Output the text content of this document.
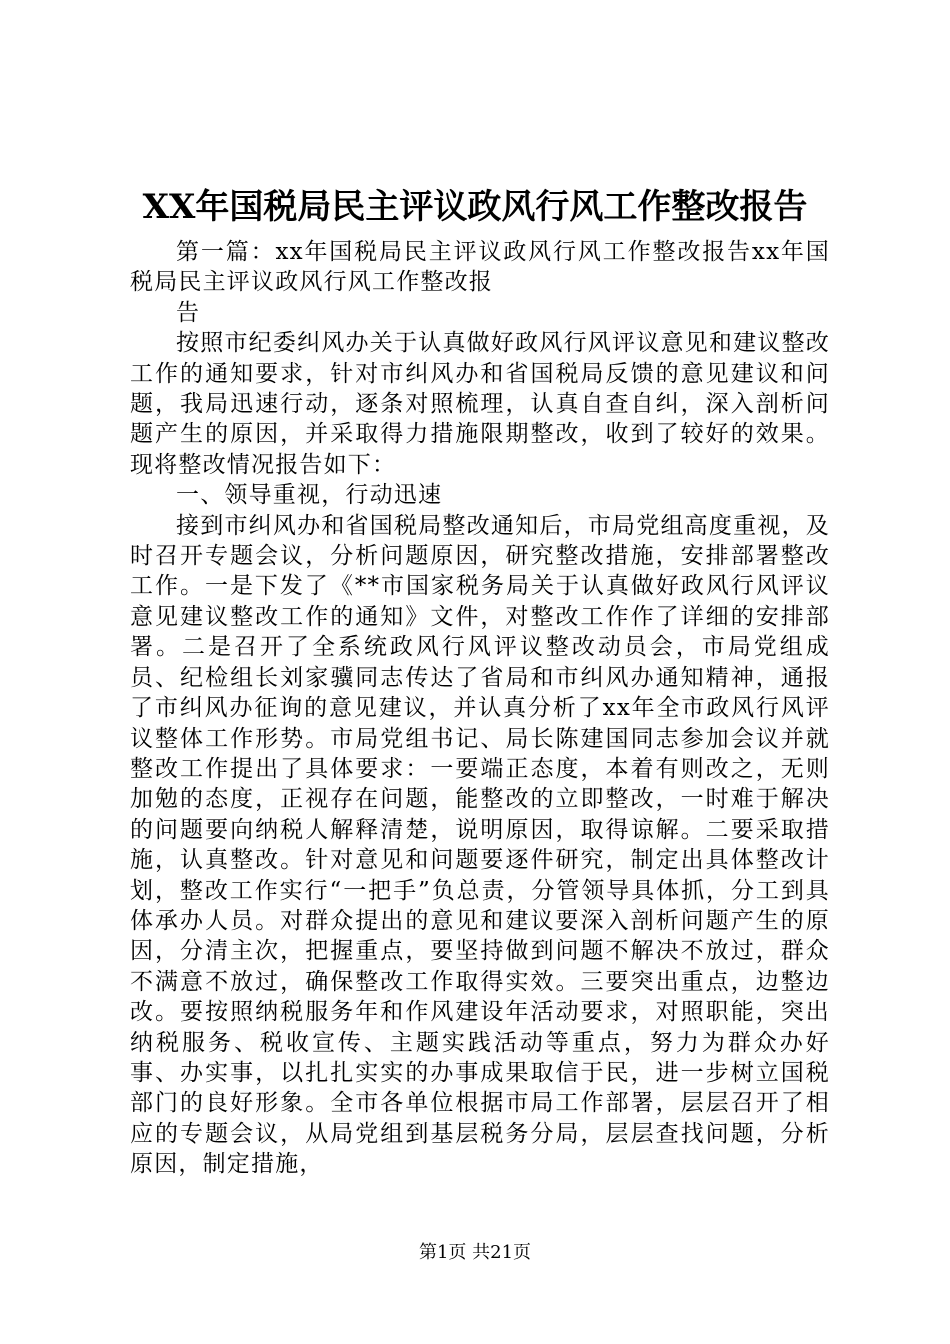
XX年国税局民主评议政风行风工作整改报告

第一篇：xx年国税局民主评议政风行风工作整改报告xx年国税局民主评议政风行风工作整改报

告

按照市纪委纠风办关于认真做好政风行风评议意见和建议整改工作的通知要求，针对市纠风办和省国税局反馈的意见建议和问题，我局迅速行动，逐条对照梳理，认真自查自纠，深入剖析问题产生的原因，并采取得力措施限期整改，收到了较好的效果。现将整改情况报告如下：

一、领导重视，行动迅速

接到市纠风办和省国税局整改通知后，市局党组高度重视，及时召开专题会议，分析问题原因，研究整改措施，安排部署整改工作。一是下发了《**市国家税务局关于认真做好政风行风评议意见建议整改工作的通知》文件，对整改工作作了详细的安排部署。二是召开了全系统政风行风评议整改动员会，市局党组成员、纪检组长刘家骥同志传达了省局和市纠风办通知精神，通报了市纠风办征询的意见建议，并认真分析了xx年全市政风行风评议整体工作形势。市局党组书记、局长陈建国同志参加会议并就整改工作提出了具体要求：一要端正态度，本着有则改之，无则加勉的态度，正视存在问题，能整改的立即整改，一时难于解决的问题要向纳税人解释清楚，说明原因，取得谅解。二要采取措施，认真整改。针对意见和问题要逐件研究，制定出具体整改计划，整改工作实行“一把手”负总责，分管领导具体抓，分工到具体承办人员。对群众提出的意见和建议要深入剖析问题产生的原因，分清主次，把握重点，要坚持做到问题不解决不放过，群众不满意不放过，确保整改工作取得实效。三要突出重点，边整边改。要按照纳税服务年和作风建设年活动要求，对照职能，突出纳税服务、税收宣传、主题实践活动等重点，努力为群众办好事、办实事，以扎扎实实的办事成果取信于民，进一步树立国税部门的良好形象。全市各单位根据市局工作部署，层层召开了相应的专题会议，从局党组到基层税务分局，层层查找问题，分析原因，制定措施，

第1页 共21页
